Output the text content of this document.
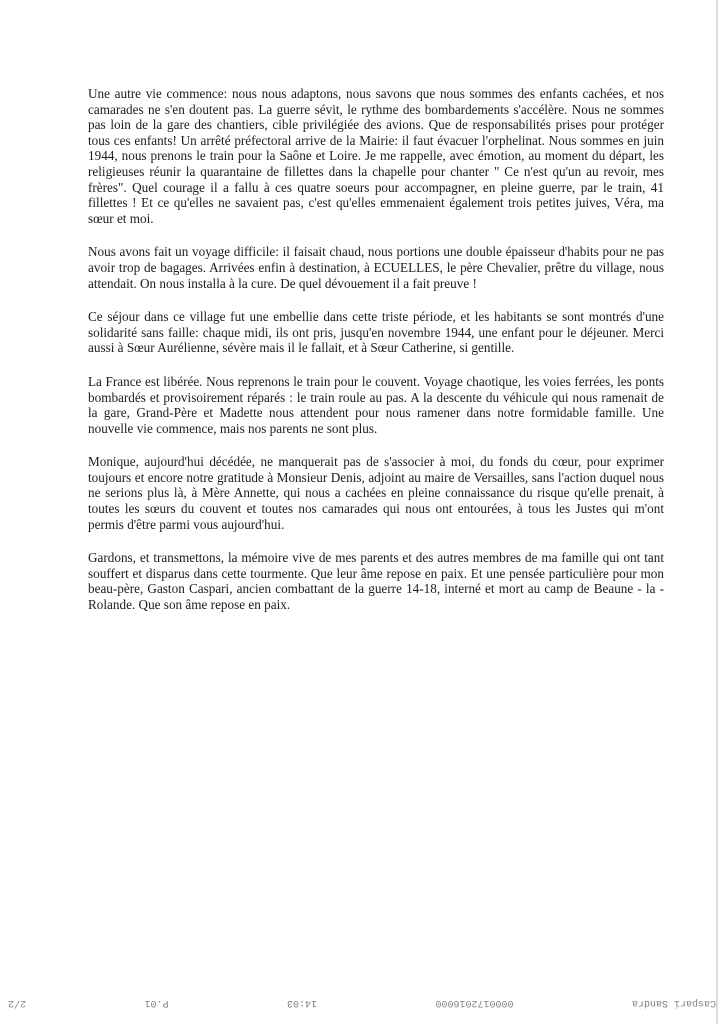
Une autre vie commence: nous nous adaptons, nous savons que nous sommes des enfants cachées, et nos camarades ne s'en doutent pas. La guerre sévit, le rythme des bombardements s'accélère. Nous ne sommes pas loin de la gare des chantiers, cible privilégiée des avions. Que de responsabilités prises pour protéger tous ces enfants! Un arrêté préfectoral arrive de la Mairie: il faut évacuer l'orphelinat. Nous sommes en juin 1944, nous prenons le train pour la Saône et Loire. Je me rappelle, avec émotion, au moment du départ, les religieuses réunir la quarantaine de fillettes dans la chapelle pour chanter " Ce n'est qu'un au revoir, mes frères". Quel courage il a fallu à ces quatre soeurs pour accompagner, en pleine guerre, par le train, 41 fillettes ! Et ce qu'elles ne savaient pas, c'est qu'elles emmenaient également trois petites juives, Véra, ma sœur et moi.

Nous avons fait un voyage difficile: il faisait chaud, nous portions une double épaisseur d'habits pour ne pas avoir trop de bagages. Arrivées enfin à destination, à ECUELLES, le père Chevalier, prêtre du village, nous attendait. On nous installa à la cure. De quel dévouement il a fait preuve !

Ce séjour dans ce village fut une embellie dans cette triste période, et les habitants se sont montrés d'une solidarité sans faille: chaque midi, ils ont pris, jusqu'en novembre 1944, une enfant pour le déjeuner. Merci aussi à Sœur Aurélienne, sévère mais il le fallait, et à Sœur Catherine, si gentille.

La France est libérée. Nous reprenons le train pour le couvent. Voyage chaotique, les voies ferrées, les ponts bombardés et provisoirement réparés : le train roule au pas. A la descente du véhicule qui nous ramenait de la gare, Grand-Père et Madette nous attendent pour nous ramener dans notre formidable famille. Une nouvelle vie commence, mais nos parents ne sont plus.

Monique, aujourd'hui décédée, ne manquerait pas de s'associer à moi, du fonds du cœur, pour exprimer toujours et encore notre gratitude à Monsieur Denis, adjoint au maire de Versailles, sans l'action duquel nous ne serions plus là, à Mère Annette, qui nous a cachées en pleine connaissance du risque qu'elle prenait, à toutes les sœurs du couvent et toutes nos camarades qui nous ont entourées, à tous les Justes qui m'ont permis d'être parmi vous aujourd'hui.

Gardons, et transmettons, la mémoire vive de mes parents et des autres membres de ma famille qui ont tant souffert et disparus dans cette tourmente. Que leur âme repose en paix. Et une pensée particulière pour mon beau-père, Gaston Caspari, ancien combattant de la guerre 14-18, interné et mort au camp de Beaune - la - Rolande. Que son âme repose en paix.

Caspari Sandra
0000172016000
14:03
P.01
2/2
